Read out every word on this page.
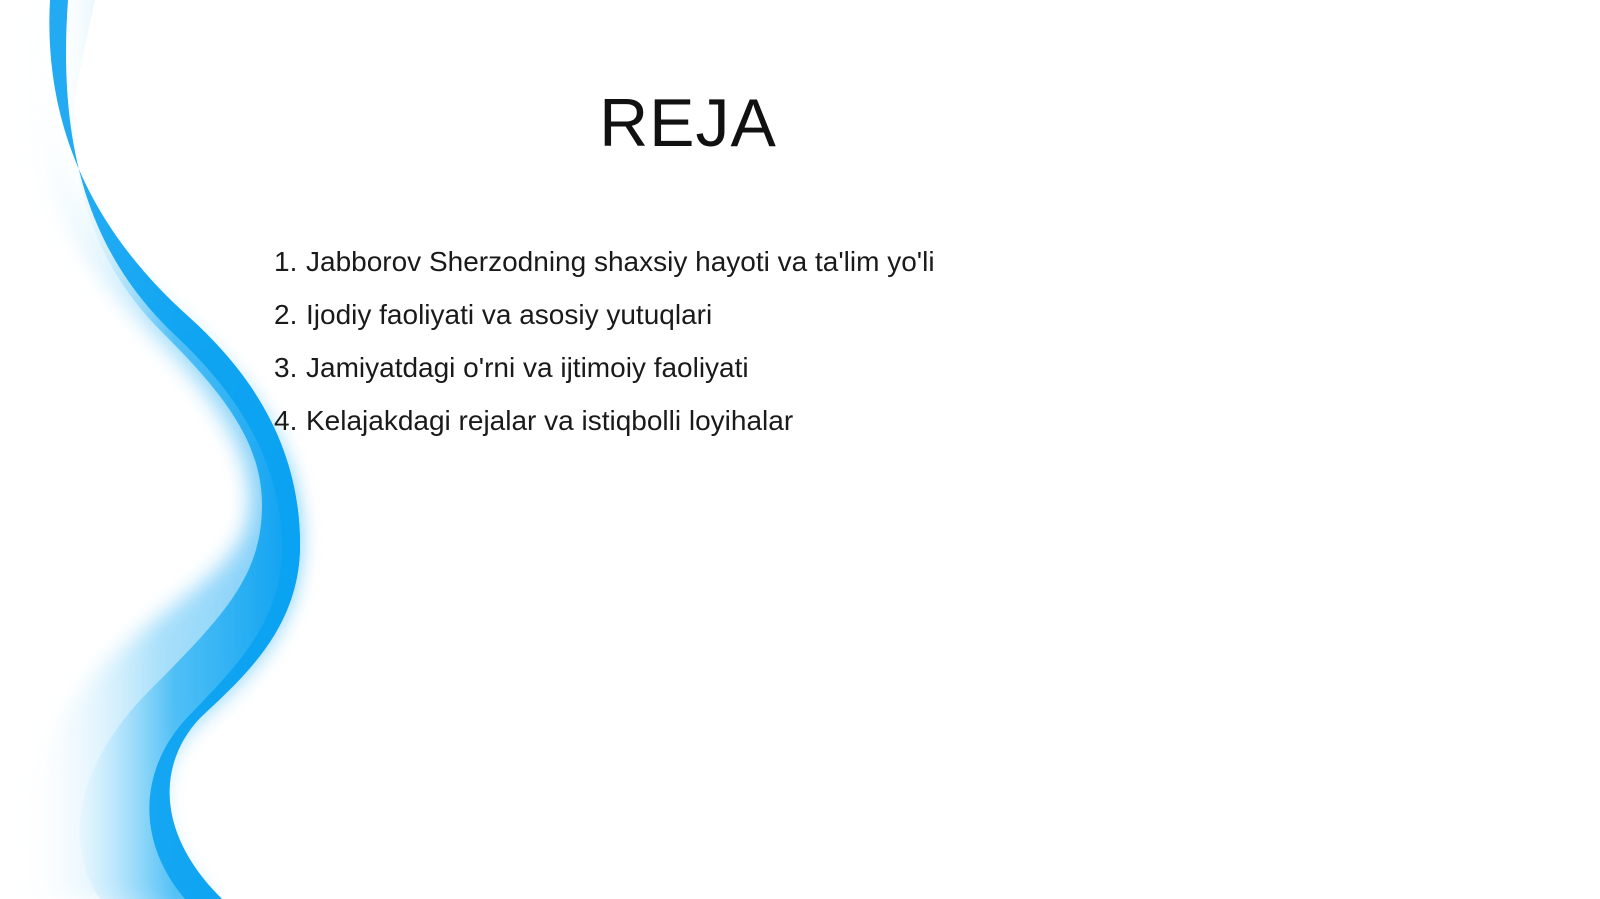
REJA
1. Jabborov Sherzodning shaxsiy hayoti va ta'lim yo'li
2. Ijodiy faoliyati va asosiy yutuqlari
3. Jamiyatdagi o'rni va ijtimoiy faoliyati
4. Kelajakdagi rejalar va istiqbolli loyihalar
